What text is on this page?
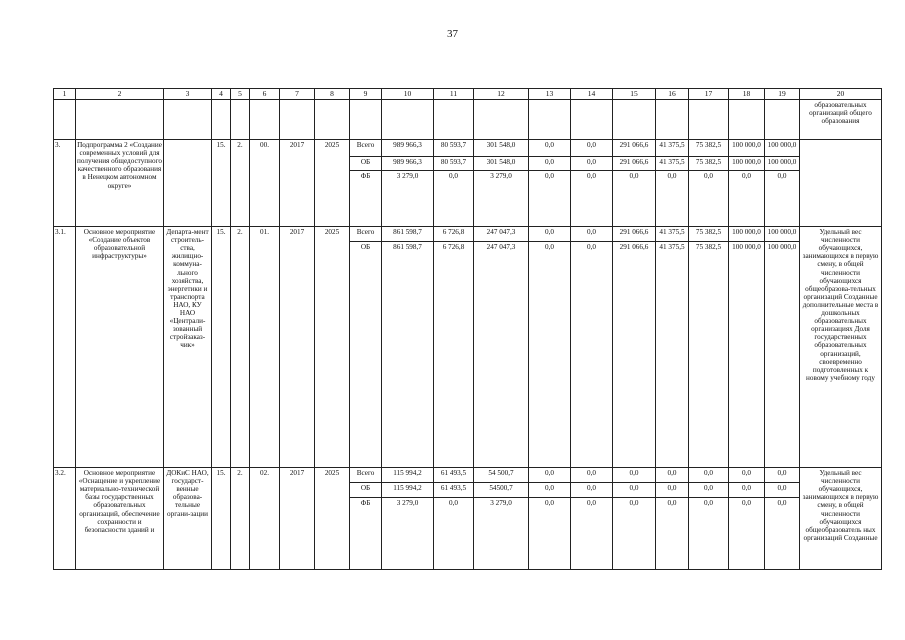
37
1	2	3	4	5	6	7	8	9	10	11	12	13	14	15	16	17	18	19	20
																			образовательных организаций общего образования
3.	Подпрограмма 2 «Создание современных условий для получения общедоступного качественного образования в Ненецком автономном округе»		15.	2.	00.	2017	2025	Всего	989 966,3	80 593,7	301 548,0	0,0	0,0	291 066,6	41 375,5	75 382,5	100 000,0	100 000,0	
								ОБ	989 966,3	80 593,7	301 548,0	0,0	0,0	291 066,6	41 375,5	75 382,5	100 000,0	100 000,0	
								ФБ	3 279,0	0,0	3 279,0	0,0	0,0	0,0	0,0	0,0	0,0	0,0	
3.1.	Основное мероприятие «Создание объектов образовательной инфраструктуры»	Департа-мент строитель-ства, жилищно-коммуна-льного хозяйства, энергетики и транспорта НАО, КУ НАО «Централи-зованный стройзаказ-чик»	15.	2.	01.	2017	2025	Всего	861 598,7	6 726,8	247 047,3	0,0	0,0	291 066,6	41 375,5	75 382,5	100 000,0	100 000,0	Удельный вес численности обучающихся, занимающихся в первую смену, в общей численности обучающихся общеобразова-тельных организаций Созданные дополнительные места в дошкольных образовательных организациях Доля государственных образовательных организаций, своевременно подготовленных к новому учебному году
								ОБ	861 598,7	6 726,8	247 047,3	0,0	0,0	291 066,6	41 375,5	75 382,5	100 000,0	100 000,0	
3.2.	Основное мероприятие «Оснащение и укрепление материально-технической базы государственных образовательных организаций, обеспечение сохранности и безопасности зданий и	ДОКиС НАО, государст-венные образова-тельные органи-зации	15.	2.	02.	2017	2025	Всего	115 994,2	61 493,5	54 500,7	0,0	0,0	0,0	0,0	0,0	0,0	0,0	Удельный вес численности обучающихся, занимающихся в первую смену, в общей численности обучающихся общеобразователь ных организаций Созданные
								ОБ	115 994,2	61 493,5	54500,7	0,0	0,0	0,0	0,0	0,0	0,0	0,0	
								ФБ	3 279,0	0,0	3 279,0	0,0	0,0	0,0	0,0	0,0	0,0	0,0	
